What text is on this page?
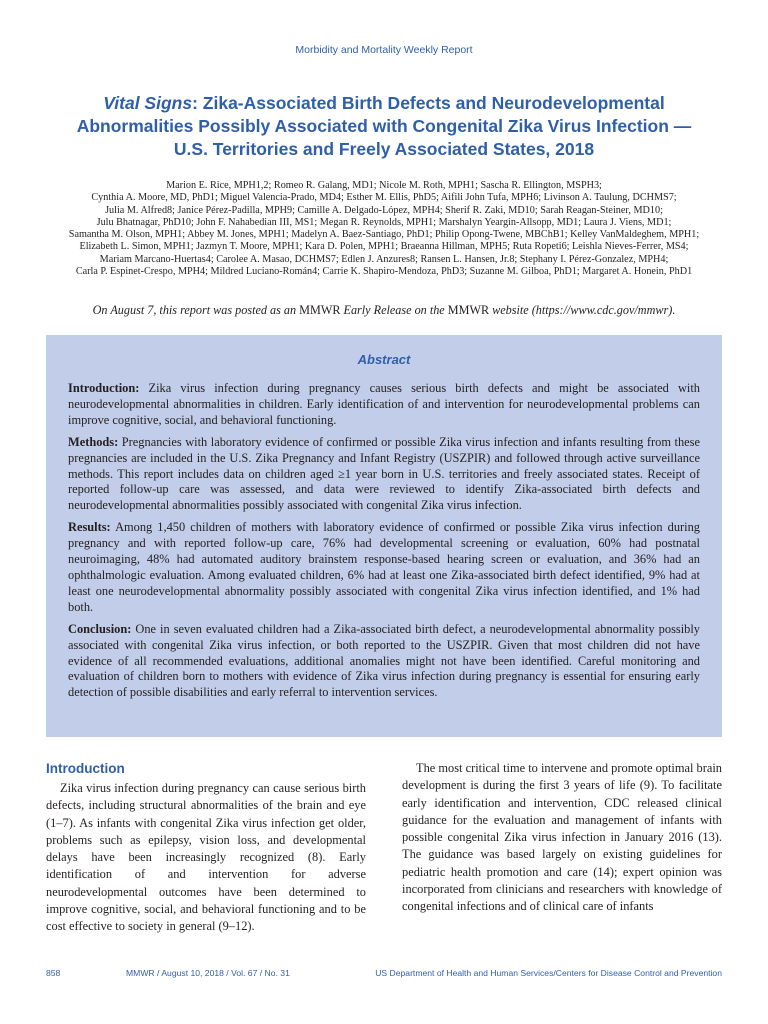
Morbidity and Mortality Weekly Report
Vital Signs: Zika-Associated Birth Defects and Neurodevelopmental
Abnormalities Possibly Associated with Congenital Zika Virus Infection —
U.S. Territories and Freely Associated States, 2018
Marion E. Rice, MPH1,2; Romeo R. Galang, MD1; Nicole M. Roth, MPH1; Sascha R. Ellington, MSPH3;
Cynthia A. Moore, MD, PhD1; Miguel Valencia-Prado, MD4; Esther M. Ellis, PhD5; Aifili John Tufa, MPH6; Livinson A. Taulung, DCHMS7;
Julia M. Alfred8; Janice Pérez-Padilla, MPH9; Camille A. Delgado-López, MPH4; Sherif R. Zaki, MD10; Sarah Reagan-Steiner, MD10;
Julu Bhatnagar, PhD10; John F. Nahabedian III, MS1; Megan R. Reynolds, MPH1; Marshalyn Yeargin-Allsopp, MD1; Laura J. Viens, MD1;
Samantha M. Olson, MPH1; Abbey M. Jones, MPH1; Madelyn A. Baez-Santiago, PhD1; Philip Opong-Twene, MBChB1; Kelley VanMaldeghem, MPH1;
Elizabeth L. Simon, MPH1; Jazmyn T. Moore, MPH1; Kara D. Polen, MPH1; Braeanna Hillman, MPH5; Ruta Ropeti6; Leishla Nieves-Ferrer, MS4;
Mariam Marcano-Huertas4; Carolee A. Masao, DCHMS7; Edlen J. Anzures8; Ransen L. Hansen, Jr.8; Stephany I. Pérez-Gonzalez, MPH4;
Carla P. Espinet-Crespo, MPH4; Mildred Luciano-Román4; Carrie K. Shapiro-Mendoza, PhD3; Suzanne M. Gilboa, PhD1; Margaret A. Honein, PhD1
On August 7, this report was posted as an MMWR Early Release on the MMWR website (https://www.cdc.gov/mmwr).
Abstract

Introduction: Zika virus infection during pregnancy causes serious birth defects and might be associated with neurodevelopmental abnormalities in children. Early identification of and intervention for neurodevelopmental problems can improve cognitive, social, and behavioral functioning.

Methods: Pregnancies with laboratory evidence of confirmed or possible Zika virus infection and infants resulting from these pregnancies are included in the U.S. Zika Pregnancy and Infant Registry (USZPIR) and followed through active surveillance methods. This report includes data on children aged ≥1 year born in U.S. territories and freely associated states. Receipt of reported follow-up care was assessed, and data were reviewed to identify Zika-associated birth defects and neurodevelopmental abnormalities possibly associated with congenital Zika virus infection.

Results: Among 1,450 children of mothers with laboratory evidence of confirmed or possible Zika virus infection during pregnancy and with reported follow-up care, 76% had developmental screening or evaluation, 60% had postnatal neuroimaging, 48% had automated auditory brainstem response-based hearing screen or evaluation, and 36% had an ophthalmologic evaluation. Among evaluated children, 6% had at least one Zika-associated birth defect identified, 9% had at least one neurodevelopmental abnormality possibly associated with congenital Zika virus infection identified, and 1% had both.

Conclusion: One in seven evaluated children had a Zika-associated birth defect, a neurodevelopmental abnormality possibly associated with congenital Zika virus infection, or both reported to the USZPIR. Given that most children did not have evidence of all recommended evaluations, additional anomalies might not have been identified. Careful monitoring and evaluation of children born to mothers with evidence of Zika virus infection during pregnancy is essential for ensuring early detection of possible disabilities and early referral to intervention services.

Introduction

Zika virus infection during pregnancy can cause serious birth defects, including structural abnormalities of the brain and eye (1–7). As infants with congenital Zika virus infection get older, problems such as epilepsy, vision loss, and developmental delays have been increasingly recognized (8). Early identification of and intervention for adverse neurodevelopmental outcomes have been determined to improve cognitive, social, and behavioral functioning and to be cost effective to society in general (9–12).

The most critical time to intervene and promote optimal brain development is during the first 3 years of life (9). To facilitate early identification and intervention, CDC released clinical guidance for the evaluation and management of infants with possible congenital Zika virus infection in January 2016 (13). The guidance was based largely on existing guidelines for pediatric health promotion and care (14); expert opinion was incorporated from clinicians and researchers with knowledge of congenital infections and of clinical care of infants

858	MMWR / August 10, 2018 / Vol. 67 / No. 31	US Department of Health and Human Services/Centers for Disease Control and Prevention
